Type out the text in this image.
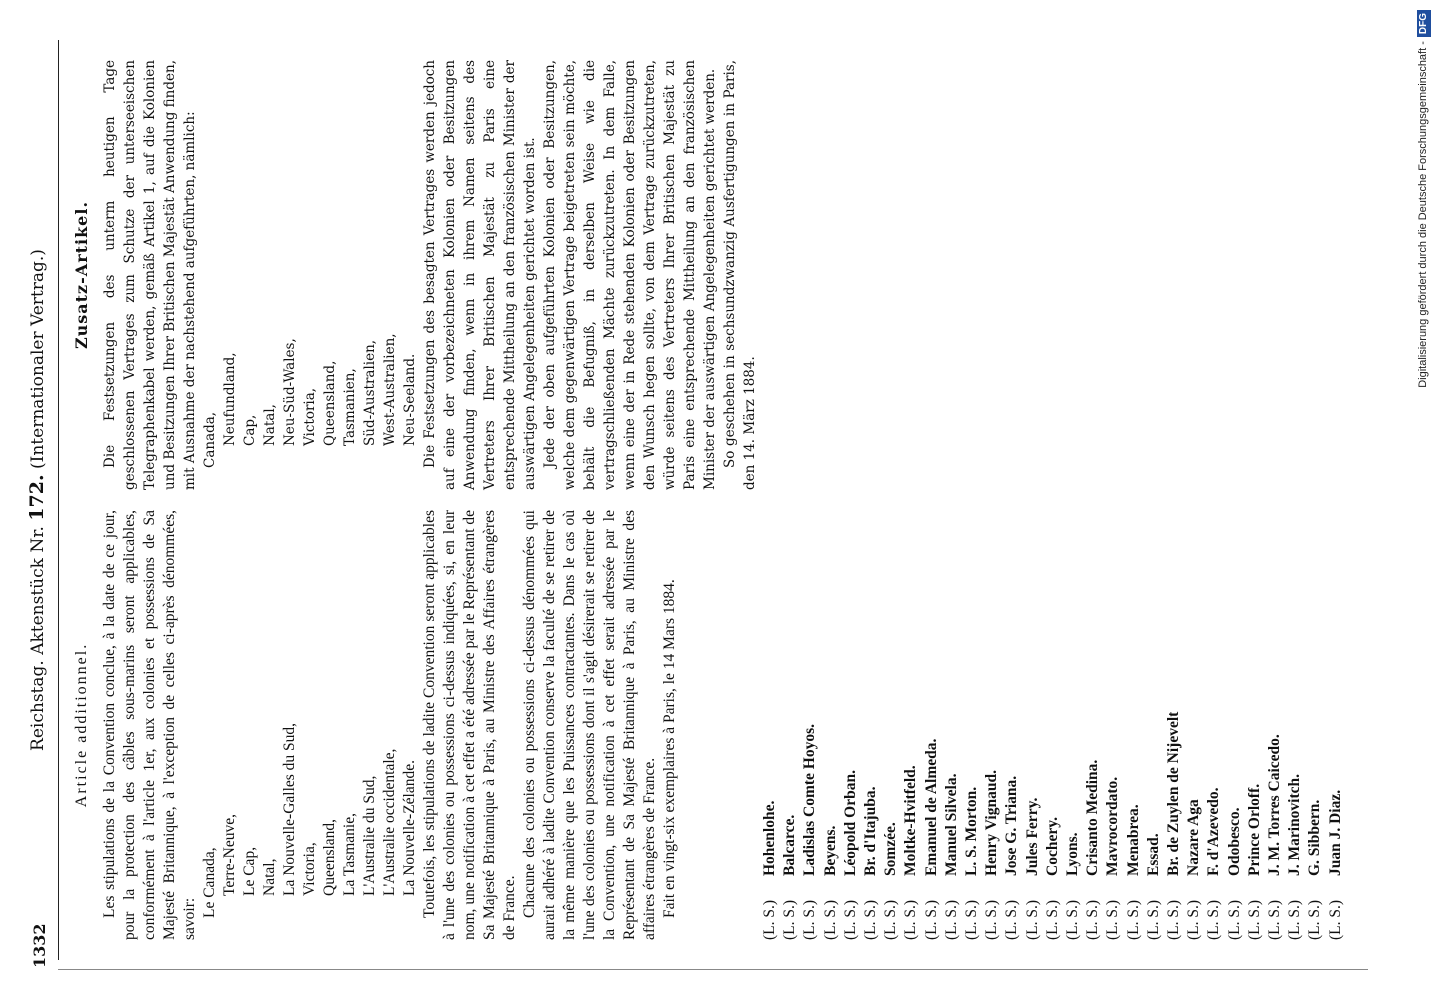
1332
Reichstag. Aktenstück Nr. 172. (Internationaler Vertrag.)
Article additionnel. Les stipulations de la Convention conclue, à la date de ce jour, pour la protection des câbles sous-marins seront applicables, conformément à l'article 1er, aux colonies et possessions de Sa Majesté Britannique, à l'exception de celles ci-après dénommées, savoir:

Le Canada, Terre-Neuve, Le Cap, Natal, La Nouvelle-Galles du Sud, Victoria, Queensland, La Tasmanie, L'Australie du Sud, L'Australie occidentale, La Nouvelle-Zélande. Toutefois, les stipulations de ladite Convention seront applicables à l'une des colonies ou possessions ci-dessus indiquées, si, en leur nom, une notification à cet effet a été adressée par le Représentant de Sa Majesté Britannique à Paris, au Ministre des Affaires étrangères de France. Chacune des colonies ou possessions ci-dessus dénommées qui aurait adhéré à ladite Convention conserve la faculté de se retirer de la même manière que les Puissances contractantes. Dans le cas où l'une des colonies ou possessions dont il s'agit désirerait se retirer de la Convention, une notification à cet effet serait adressée par le Représentant de Sa Majesté Britannique à Paris, au Ministre des affaires étrangères de France. Fait en vingt-six exemplaires à Paris, le 14 Mars 1884.

Zusatz-Artikel. Die Festsetzungen des unterm heutigen Tage geschlossenen Vertrages zum Schutze der unterseeischen Telegraphenkabel werden, gemäß Artikel 1, auf die Kolonien und Besitzungen Ihrer Britischen Majestät Anwendung finden, mit Ausnahme der nachstehend aufgeführten, nämlich: Canada, Neufundland, Cap, Natal, Neu-Süd-Wales, Victoria, Queensland, Tasmanien, Süd-Australien, West-Australien, Neu-Seeland. Die Festsetzungen des besagten Vertrages werden jedoch auf eine der vorbezeichneten Kolonien oder Besitzungen Anwendung finden, wenn in ihrem Namen seitens des Vertreters Ihrer Britischen Majestät zu Paris eine entsprechende Mittheilung an den französischen Minister der auswärtigen Angelegenheiten gerichtet worden ist. Jede der oben aufgeführten Kolonien oder Besitzungen, welche dem gegenwärtigen Vertrage beigetreten sein möchte, behält die Befugniß, in derselben Weise wie die vertragschließenden Mächte zurückzutreten. In dem Falle, wenn eine der in Rede stehenden Kolonien oder Besitzungen den Wunsch hegen sollte, von dem Vertrage zurückzutreten, würde seitens des Vertreters Ihrer Britischen Majestät zu Paris eine entsprechende Mittheilung an den französischen Minister der auswärtigen Angelegenheiten gerichtet werden. So geschehen in sechsundzwanzig Ausfertigungen in Paris, den 14. März 1884.

(L. S.)
Hohenlohe.
(L. S.)
Balcarce.
(L. S.)
Ladislas Comte Hoyos.
(L. S.)
Beyens.
(L. S.)
Léopold Orban.
(L. S.)
Br. d'Itajuba.
(L. S.)
Somzée.
(L. S.)
Moltke-Hvitfeld.
(L. S.)
Emanuel de Almeda.
(L. S.)
Manuel Silvela.
(L. S.)
L. S. Morton.
(L. S.)
Henry Vignaud.
(L. S.)
Jose G. Triana.
(L. S.)
Jules Ferry.
(L. S.)
Cochery.
(L. S.)
Lyons.
(L. S.)
Crisanto Medina.
(L. S.)
Mavrocordato.
(L. S.)
Menabrea.
(L. S.)
Essad.
(L. S.)
Br. de Zuylen de Nijevelt
(L. S.)
Nazare Aga
(L. S.)
F. d'Azevedo.
(L. S.)
Odobesco.
(L. S.)
Prince Orloff.
(L. S.)
J. M. Torres Caicedo.
(L. S.)
J. Marinovitch.
(L. S.)
G. Sibbern.
(L. S.)
Juan J. Diaz.
Digitalisierung gefördert durch die Deutsche Forschungsgemeinschaft -DFG
